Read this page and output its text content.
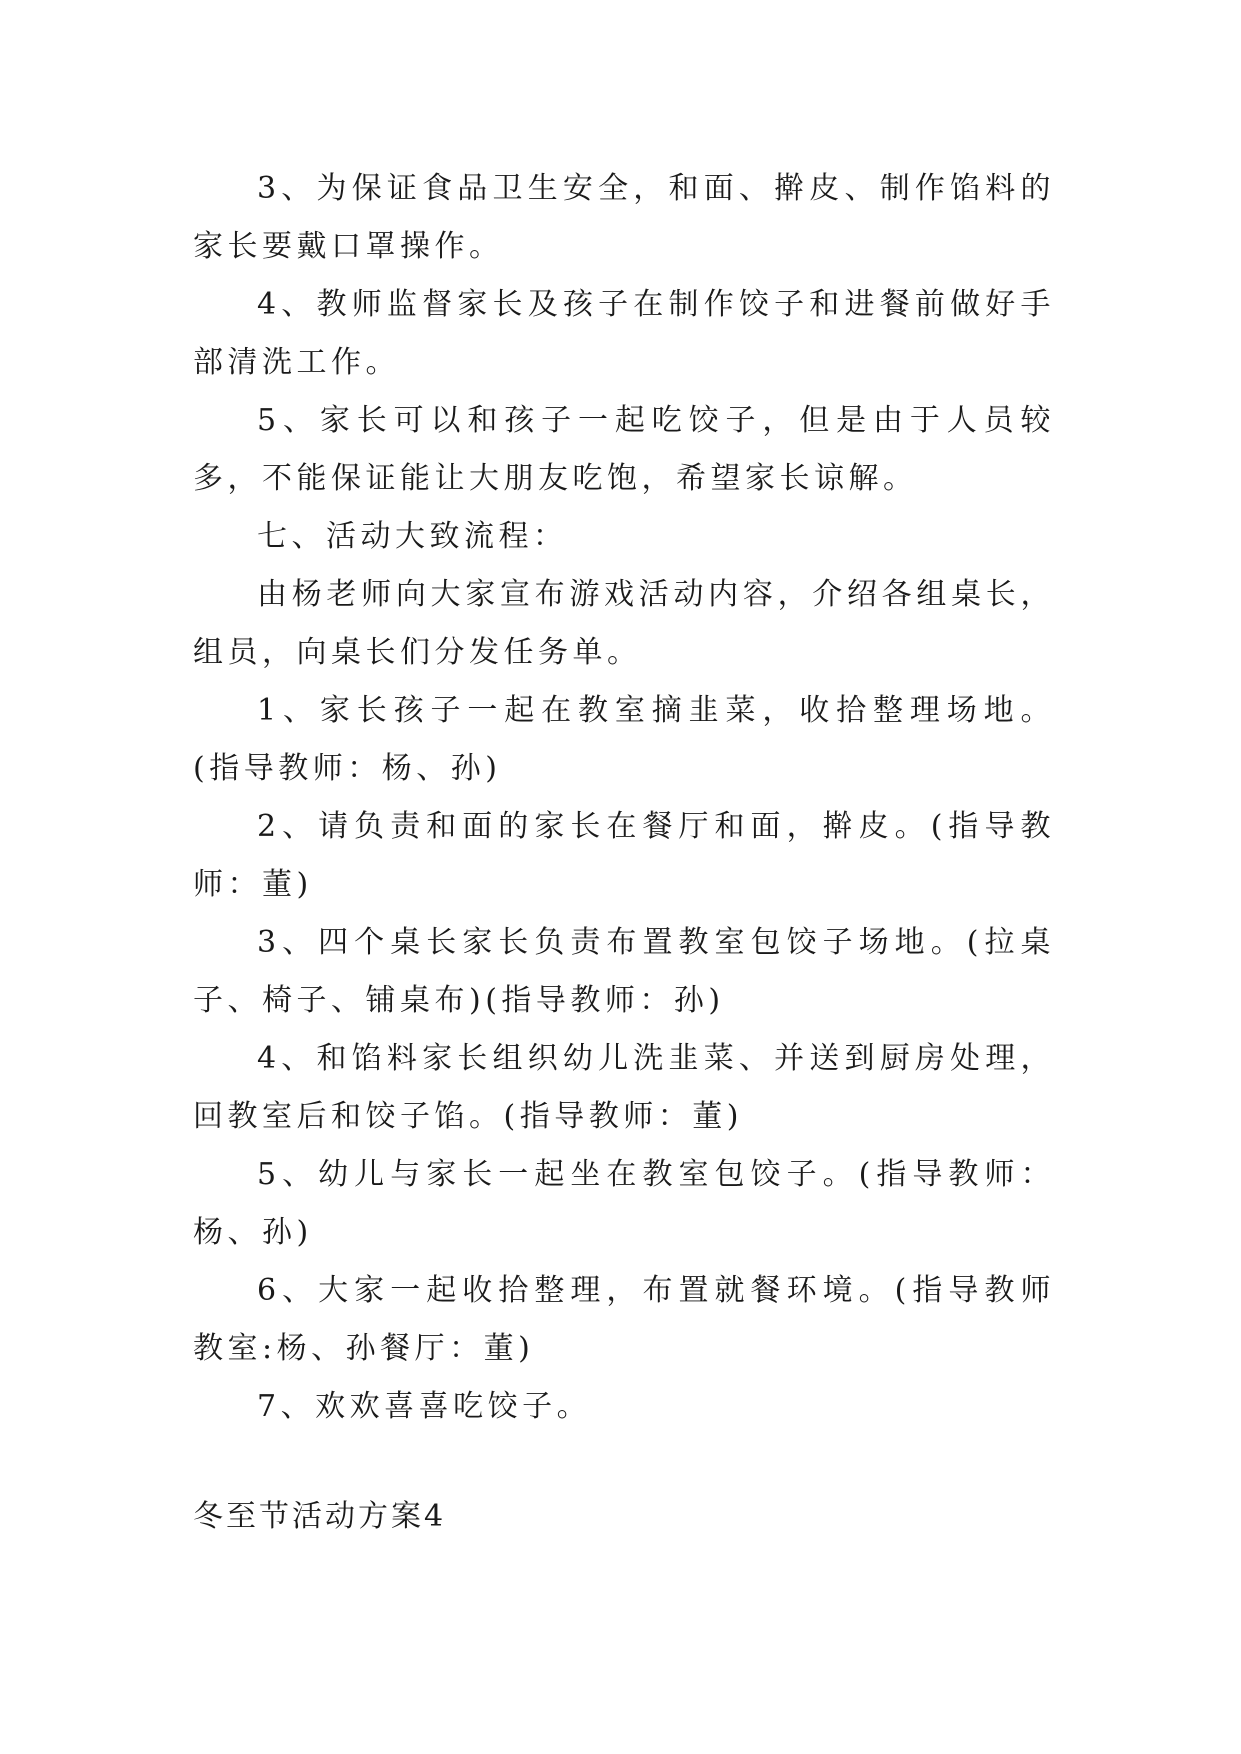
3、为保证食品卫生安全，和面、擀皮、制作馅料的家长要戴口罩操作。

4、教师监督家长及孩子在制作饺子和进餐前做好手部清洗工作。

5、家长可以和孩子一起吃饺子，但是由于人员较多，不能保证能让大朋友吃饱，希望家长谅解。

七、活动大致流程：

由杨老师向大家宣布游戏活动内容，介绍各组桌长，组员，向桌长们分发任务单。

1、家长孩子一起在教室摘韭菜，收拾整理场地。(指导教师：杨、孙)

2、请负责和面的家长在餐厅和面，擀皮。(指导教师：董)

3、四个桌长家长负责布置教室包饺子场地。(拉桌子、椅子、铺桌布)(指导教师：孙)

4、和馅料家长组织幼儿洗韭菜、并送到厨房处理，回教室后和饺子馅。(指导教师：董)

5、幼儿与家长一起坐在教室包饺子。(指导教师：杨、孙)

6、大家一起收拾整理，布置就餐环境。(指导教师教室:杨、孙餐厅：董)

7、欢欢喜喜吃饺子。

冬至节活动方案4
